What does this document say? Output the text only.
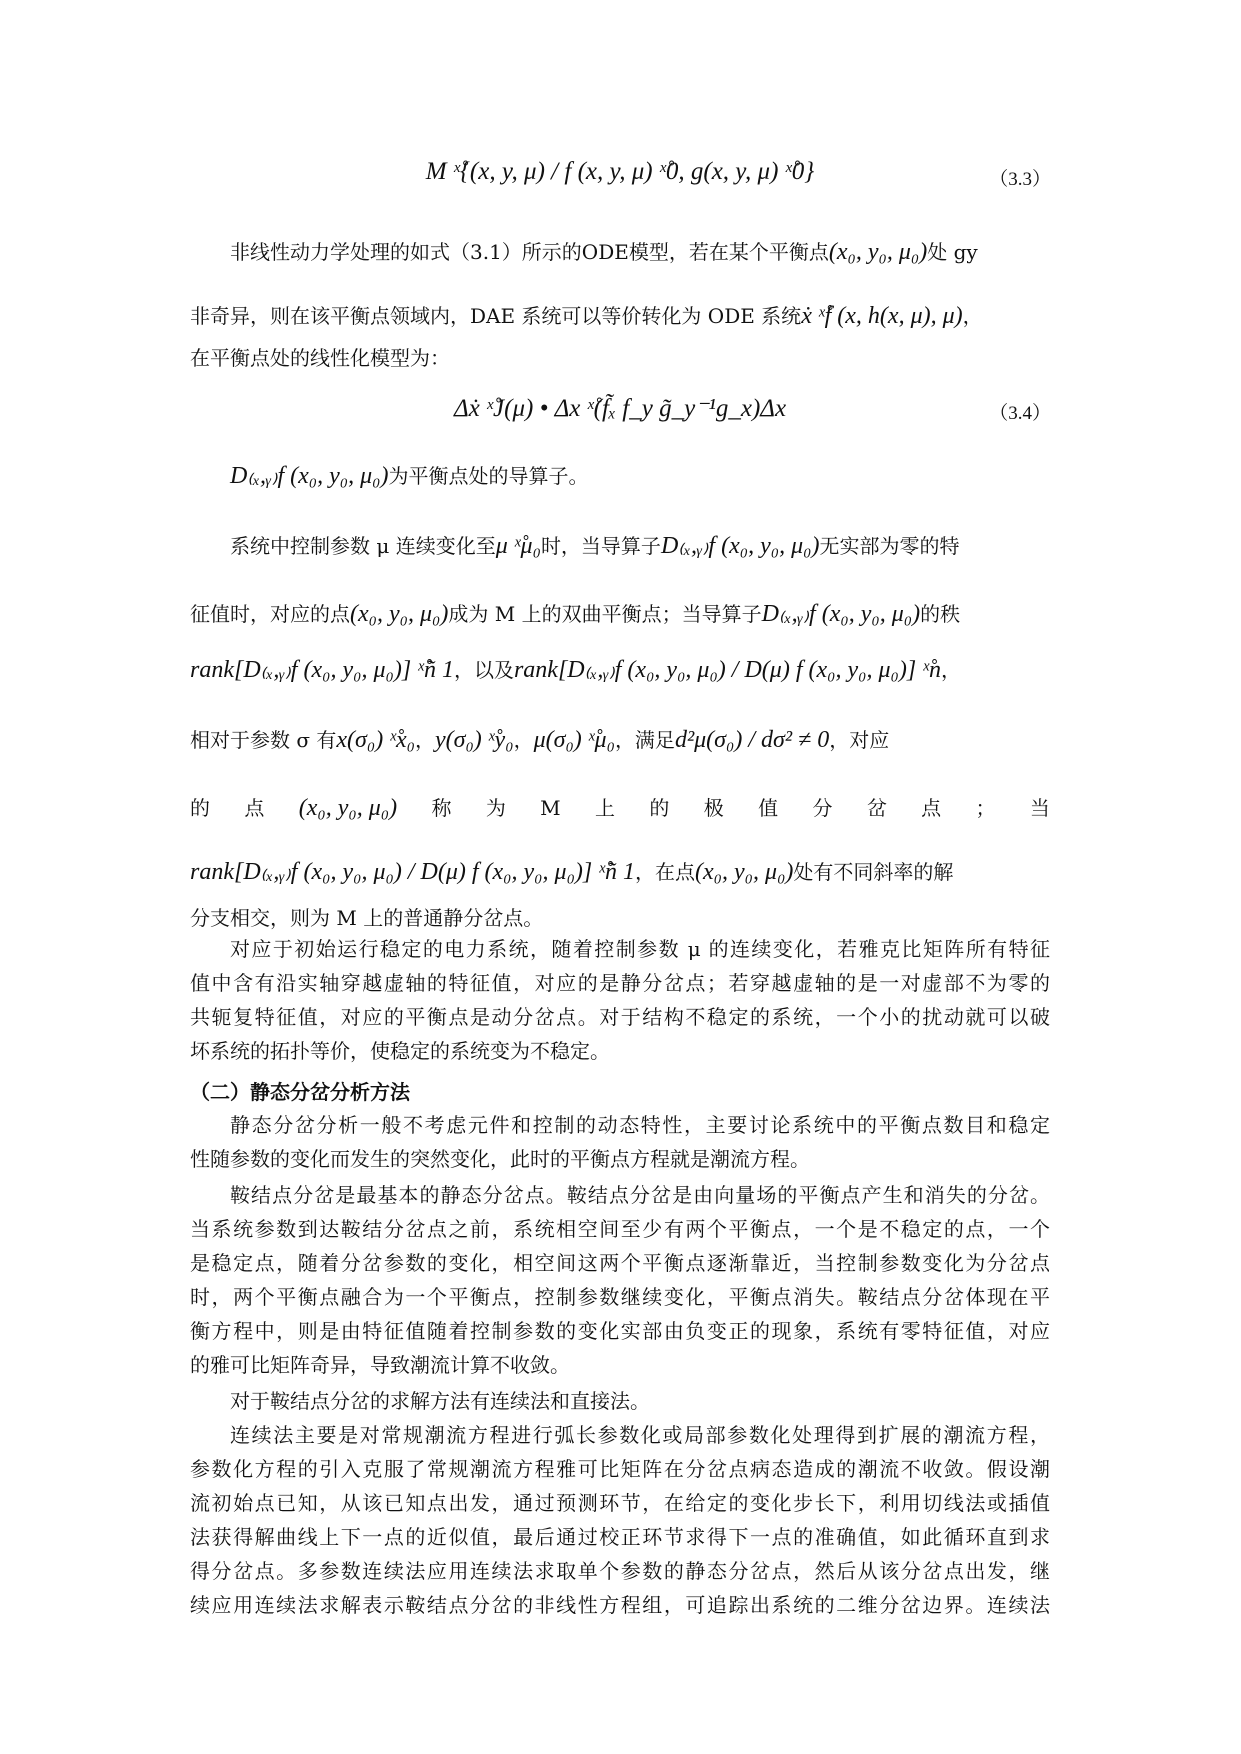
M ˣ̊{(x, y, μ) / f (x, y, μ) ˣ̊0, g(x, y, μ) ˣ̊0}	（3.3）
非线性动力学处理的如式（3.1）所示的ODE模型，若在某个平衡点(x₀, y₀, μ₀)处 gy
非奇异，则在该平衡点领域内，DAE 系统可以等价转化为 ODE 系统ẋ ˣ̊f (x, h(x, μ), μ)，
在平衡点处的线性化模型为：
Δẋ ˣ̊J(μ) • Δx ˣ̊(f̃ₓ f_y g̃_y⁻¹g_x)Δx	（3.4）
D₍ₓ,ᵧ₎f (x₀, y₀, μ₀)为平衡点处的导算子。
系统中控制参数 μ 连续变化至μ ˣ̊μ₀时，当导算子D₍ₓ,ᵧ₎f (x₀, y₀, μ₀)无实部为零的特
征值时，对应的点(x₀, y₀, μ₀)成为 M 上的双曲平衡点；当导算子D₍ₓ,ᵧ₎f (x₀, y₀, μ₀)的秩
rank[D₍ₓ,ᵧ₎f (x₀, y₀, μ₀)] ˣ̊ñ 1，以及rank[D₍ₓ,ᵧ₎f (x₀, y₀, μ₀) / D(μ) f (x₀, y₀, μ₀)] ˣ̊n，
相对于参数 σ 有x(σ₀) ˣ̊x₀，y(σ₀) ˣ̊y₀，μ(σ₀) ˣ̊μ₀，满足d²μ(σ₀) / dσ² ≠ 0，对应
的 点 (x₀, y₀, μ₀) 称 为 M 上 的 极 值 分 岔 点 ； 当
rank[D₍ₓ,ᵧ₎f (x₀, y₀, μ₀) / D(μ) f (x₀, y₀, μ₀)] ˣ̊ñ 1，在点(x₀, y₀, μ₀)处有不同斜率的解
分支相交，则为 M 上的普通静分岔点。
对应于初始运行稳定的电力系统，随着控制参数 μ 的连续变化，若雅克比矩阵所有特征
值中含有沿实轴穿越虚轴的特征值，对应的是静分岔点；若穿越虚轴的是一对虚部不为零的
共轭复特征值，对应的平衡点是动分岔点。对于结构不稳定的系统，一个小的扰动就可以破
坏系统的拓扑等价，使稳定的系统变为不稳定。
（二）静态分岔分析方法
静态分岔分析一般不考虑元件和控制的动态特性，主要讨论系统中的平衡点数目和稳定
性随参数的变化而发生的突然变化，此时的平衡点方程就是潮流方程。
鞍结点分岔是最基本的静态分岔点。鞍结点分岔是由向量场的平衡点产生和消失的分岔。
当系统参数到达鞍结分岔点之前，系统相空间至少有两个平衡点，一个是不稳定的点，一个
是稳定点，随着分岔参数的变化，相空间这两个平衡点逐渐靠近，当控制参数变化为分岔点
时，两个平衡点融合为一个平衡点，控制参数继续变化，平衡点消失。鞍结点分岔体现在平
衡方程中，则是由特征值随着控制参数的变化实部由负变正的现象，系统有零特征值，对应
的雅可比矩阵奇异，导致潮流计算不收敛。
对于鞍结点分岔的求解方法有连续法和直接法。
连续法主要是对常规潮流方程进行弧长参数化或局部参数化处理得到扩展的潮流方程，
参数化方程的引入克服了常规潮流方程雅可比矩阵在分岔点病态造成的潮流不收敛。假设潮
流初始点已知，从该已知点出发，通过预测环节，在给定的变化步长下，利用切线法或插值
法获得解曲线上下一点的近似值，最后通过校正环节求得下一点的准确值，如此循环直到求
得分岔点。多参数连续法应用连续法求取单个参数的静态分岔点，然后从该分岔点出发，继
续应用连续法求解表示鞍结点分岔的非线性方程组，可追踪出系统的二维分岔边界。连续法
